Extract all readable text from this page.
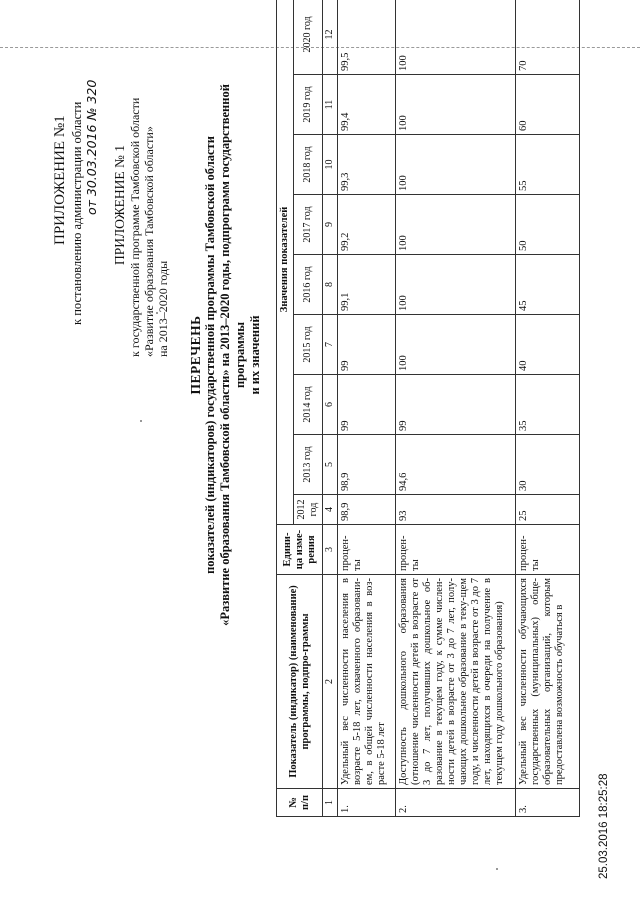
ПРИЛОЖЕНИЕ №1 к постановлению администрации области от 30.03.2016 № 320 ПРИЛОЖЕНИЕ № 1 к государственной программе Тамбовской области «Развитие образования Тамбовской области» на 2013–2020 годы ПЕРЕЧЕНЬ показателей (индикаторов) государственной программы Тамбовской области «Развитие образования Тамбовской области» на 2013–2020 годы, подпрограмм государственной программы и их значений
№ п/п	Показатель (индикатор) (наименование) программы, подпро-граммы	Едини-ца изме-рения	Значения показателей								
			2012 год	2013 год	2014 год	2015 год	2016 год	2017 год	2018 год	2019 год	2020 год
1	2	3	4	5	6	7	8	9	10	11	12
1.	Удельный вес численности населения в возрасте 5-18 лет, охваченного образовани-ем, в общей численности населения в воз-расте 5-18 лет	процен-ты	98,9	98,9	99	99	99,1	99,2	99,3	99,4	99,5
2.	Доступность дошкольного образования (отношение численности детей в возрасте от 3 до 7 лет, получивших дошкольное об-разование в текущем году, к сумме числен-ности детей в возрасте от 3 до 7 лет, полу-чающих дошкольное образование в теку-щем году, и численности детей в возрасте от 3 до 7 лет, находящихся в очереди на получение в текущем году дошкольного образования)	процен-ты	93	94,6	99	100	100	100	100	100	100
3.	Удельный вес численности обучающихся государственных (муниципальных) обще-образовательных организаций, которым предоставлена возможность обучаться в	процен-ты	25	30	35	40	45	50	55	60	70
25.03.2016 18:25:28
